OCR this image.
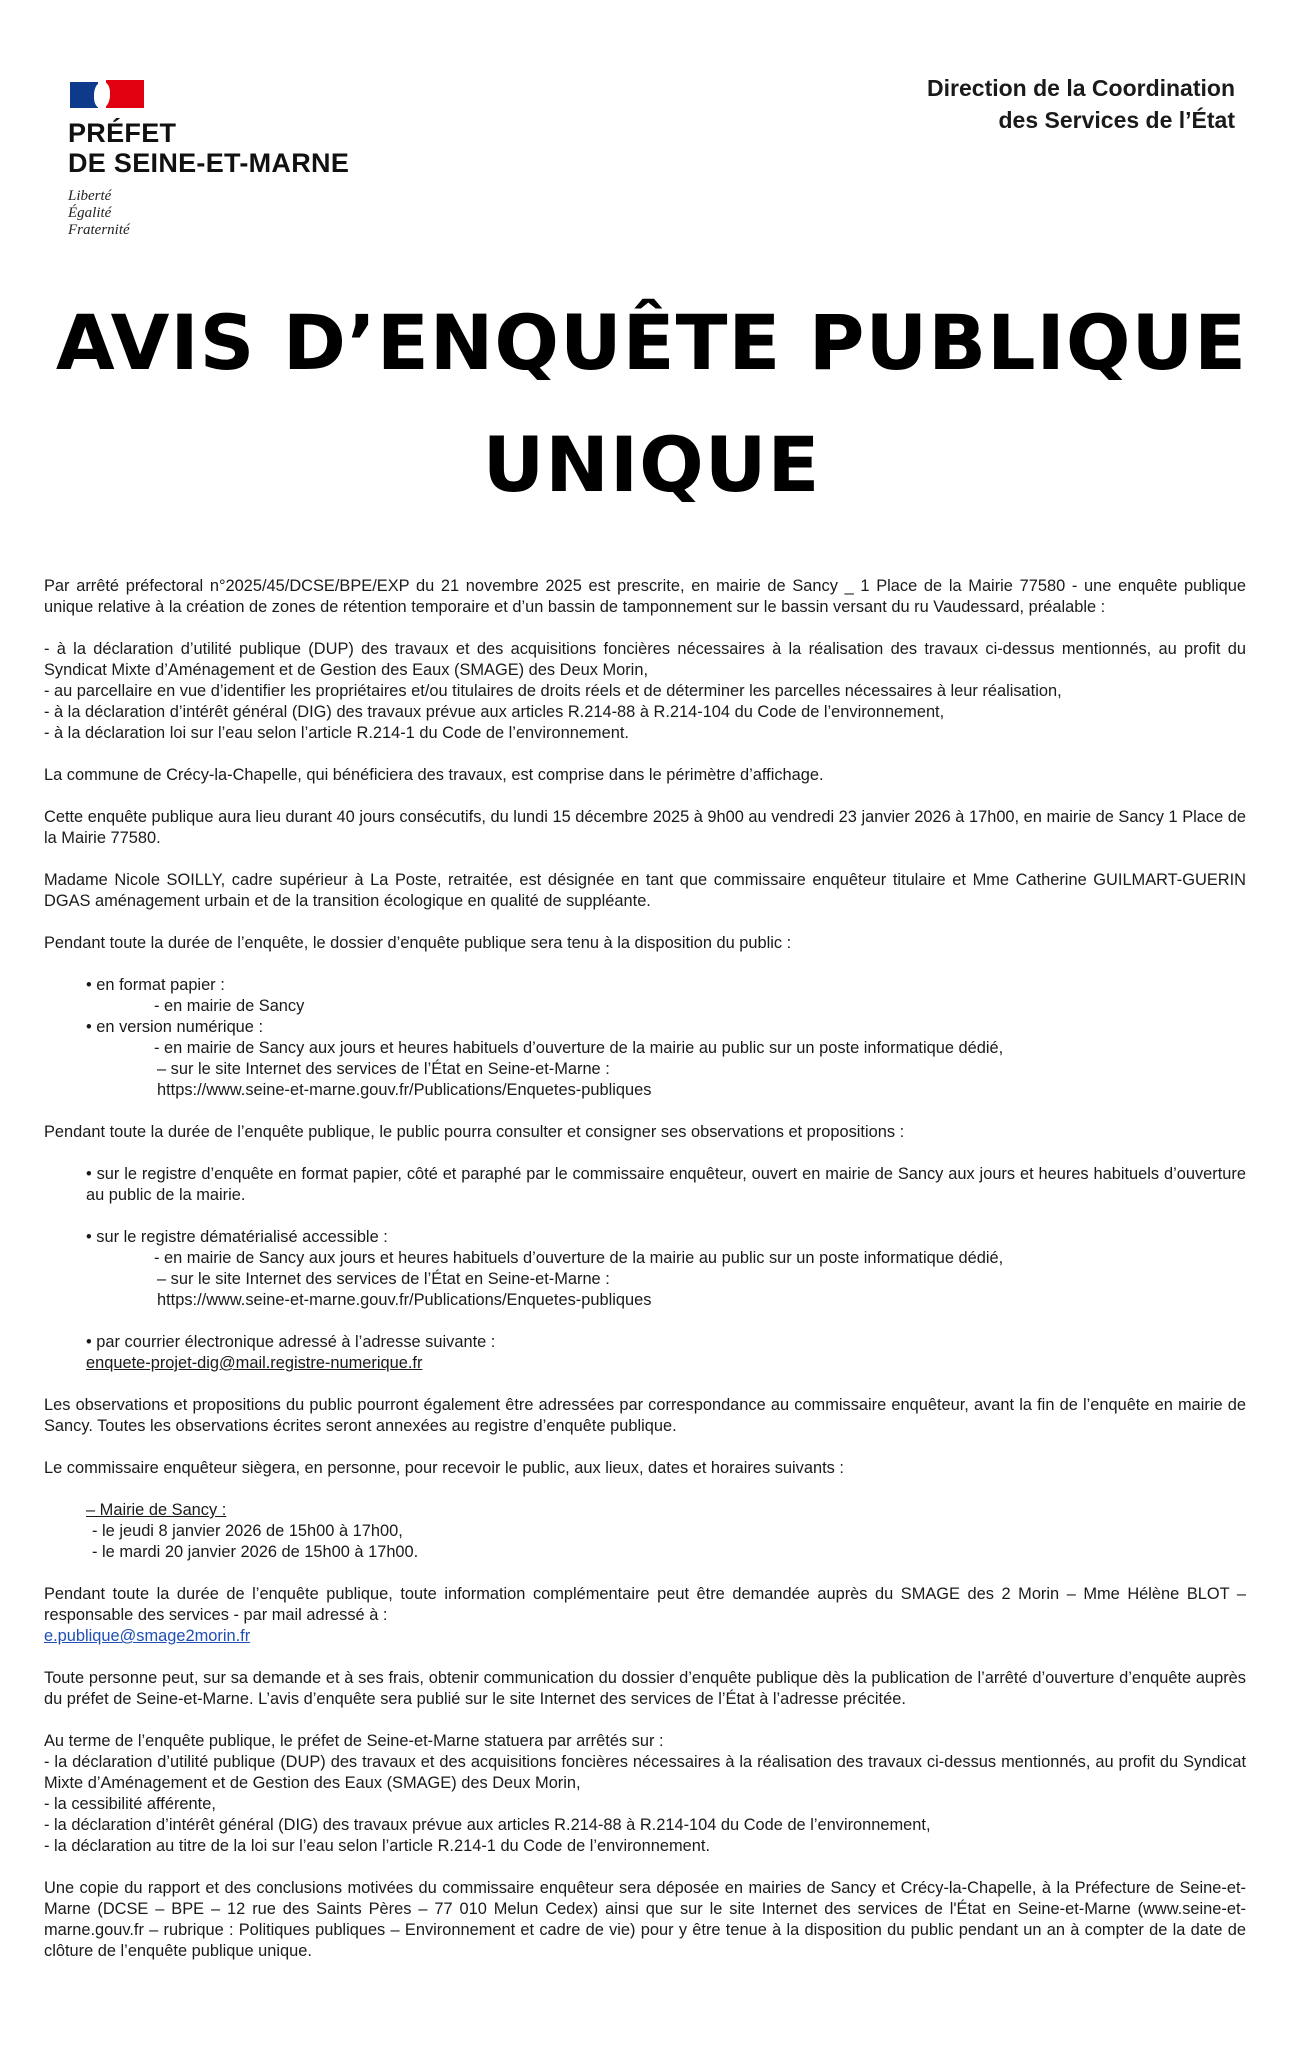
PRÉFET
DE SEINE-ET-MARNE
Liberté
Égalité
Fraternité
Direction de la Coordination
des Services de l’État
AVIS D’ENQUÊTE PUBLIQUE
UNIQUE

Par arrêté préfectoral n°2025/45/DCSE/BPE/EXP du 21 novembre 2025 est prescrite, en mairie de Sancy _ 1 Place de la Mairie 77580 - une enquête publique unique relative à la création de zones de rétention temporaire et d’un bassin de tamponnement sur le bassin versant du ru Vaudessard, préalable :

- à la déclaration d’utilité publique (DUP) des travaux et des acquisitions foncières nécessaires à la réalisation des travaux ci-dessus mentionnés, au profit du Syndicat Mixte d’Aménagement et de Gestion des Eaux (SMAGE) des Deux Morin,

- au parcellaire en vue d’identifier les propriétaires et/ou titulaires de droits réels et de déterminer les parcelles nécessaires à leur réalisation,

- à la déclaration d’intérêt général (DIG) des travaux prévue aux articles R.214-88 à R.214-104 du Code de l’environnement,

- à la déclaration loi sur l’eau selon l’article R.214-1 du Code de l’environnement.

La commune de Crécy-la-Chapelle, qui bénéficiera des travaux, est comprise dans le périmètre d’affichage.

Cette enquête publique aura lieu durant 40 jours consécutifs, du lundi 15 décembre 2025 à 9h00 au vendredi 23 janvier 2026 à 17h00, en mairie de Sancy 1 Place de la Mairie 77580.

Madame Nicole SOILLY, cadre supérieur à La Poste, retraitée, est désignée en tant que commissaire enquêteur titulaire et Mme Catherine GUILMART-GUERIN DGAS aménagement urbain et de la transition écologique en qualité de suppléante.

Pendant toute la durée de l’enquête, le dossier d’enquête publique sera tenu à la disposition du public :

• en format papier :

- en mairie de Sancy

• en version numérique :

- en mairie de Sancy aux jours et heures habituels d’ouverture de la mairie au public sur un poste informatique dédié,

– sur le site Internet des services de l’État en Seine-et-Marne :

https://www.seine-et-marne.gouv.fr/Publications/Enquetes-publiques

Pendant toute la durée de l’enquête publique, le public pourra consulter et consigner ses observations et propositions :

• sur le registre d’enquête en format papier, côté et paraphé par le commissaire enquêteur, ouvert en mairie de Sancy aux jours et heures habituels d’ouverture au public de la mairie.

• sur le registre dématérialisé accessible :

- en mairie de Sancy aux jours et heures habituels d’ouverture de la mairie au public sur un poste informatique dédié,

– sur le site Internet des services de l’État en Seine-et-Marne :

https://www.seine-et-marne.gouv.fr/Publications/Enquetes-publiques

• par courrier électronique adressé à l’adresse suivante :

enquete-projet-dig@mail.registre-numerique.fr

Les observations et propositions du public pourront également être adressées par correspondance au commissaire enquêteur, avant la fin de l’enquête en mairie de Sancy. Toutes les observations écrites seront annexées au registre d’enquête publique.

Le commissaire enquêteur siègera, en personne, pour recevoir le public, aux lieux, dates et horaires suivants :

– Mairie de Sancy :

- le jeudi 8 janvier 2026 de 15h00 à 17h00,

- le mardi 20 janvier 2026 de 15h00 à 17h00.

Pendant toute la durée de l’enquête publique, toute information complémentaire peut être demandée auprès du SMAGE des 2 Morin – Mme Hélène BLOT – responsable des services - par mail adressé à :

e.publique@smage2morin.fr

Toute personne peut, sur sa demande et à ses frais, obtenir communication du dossier d’enquête publique dès la publication de l’arrêté d’ouverture d’enquête auprès du préfet de Seine-et-Marne. L’avis d’enquête sera publié sur le site Internet des services de l’État à l’adresse précitée.

Au terme de l’enquête publique, le préfet de Seine-et-Marne statuera par arrêtés sur :

- la déclaration d’utilité publique (DUP) des travaux et des acquisitions foncières nécessaires à la réalisation des travaux ci-dessus mentionnés, au profit du Syndicat Mixte d’Aménagement et de Gestion des Eaux (SMAGE) des Deux Morin,

- la cessibilité afférente,

- la déclaration d’intérêt général (DIG) des travaux prévue aux articles R.214-88 à R.214-104 du Code de l’environnement,

- la déclaration au titre de la loi sur l’eau selon l’article R.214-1 du Code de l’environnement.

Une copie du rapport et des conclusions motivées du commissaire enquêteur sera déposée en mairies de Sancy et Crécy-la-Chapelle, à la Préfecture de Seine-et-Marne (DCSE – BPE – 12 rue des Saints Pères – 77 010 Melun Cedex) ainsi que sur le site Internet des services de l'État en Seine-et-Marne (www.seine-et-marne.gouv.fr – rubrique : Politiques publiques – Environnement et cadre de vie) pour y être tenue à la disposition du public pendant un an à compter de la date de clôture de l’enquête publique unique.
